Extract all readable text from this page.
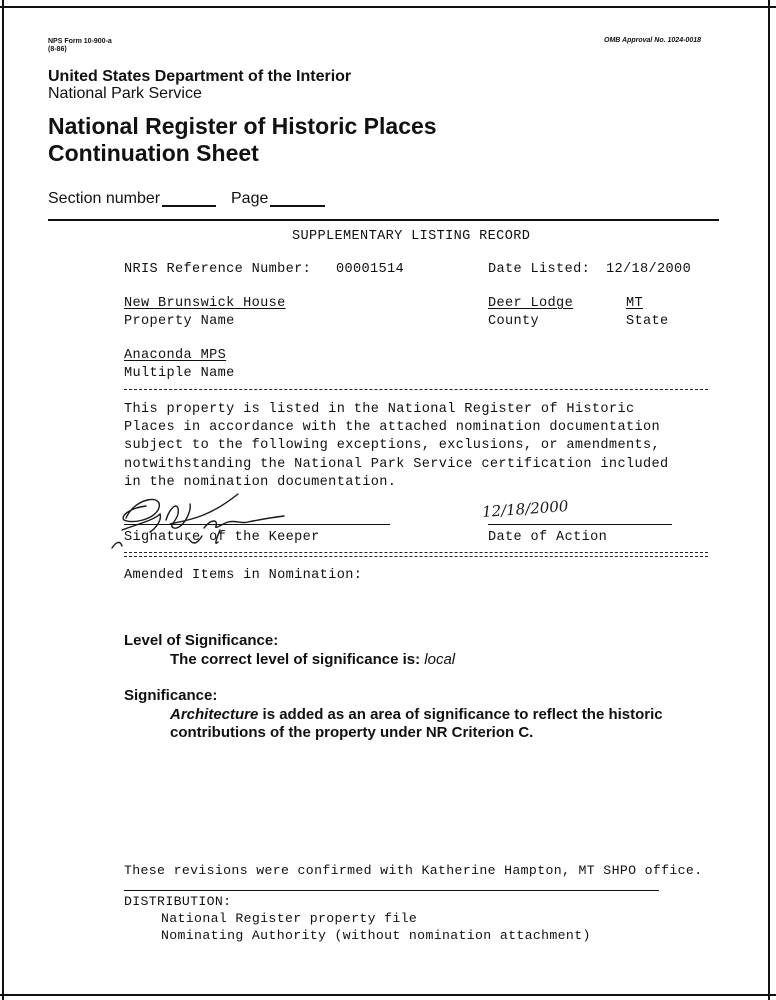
NPS Form 10-900-a
(8-86)
OMB Approval No. 1024-0018
United States Department of the Interior
National Park Service
National Register of Historic Places
Continuation Sheet
Section number	Page
SUPPLEMENTARY LISTING RECORD
NRIS Reference Number: 00001514	Date Listed: 12/18/2000
New Brunswick House
Property Name
Deer Lodge
County
MT
State
Anaconda MPS
Multiple Name
This property is listed in the National Register of Historic
Places in accordance with the attached nomination documentation
subject to the following exceptions, exclusions, or amendments,
notwithstanding the National Park Service certification included
in the nomination documentation.
Signature of the Keeper
12/18/2000
Date of Action
Amended Items in Nomination:
Level of Significance:
The correct level of significance is: local
Significance:
Architecture is added as an area of significance to reflect the historic
contributions of the property under NR Criterion C.
These revisions were confirmed with Katherine Hampton, MT SHPO office.
DISTRIBUTION:
National Register property file
Nominating Authority (without nomination attachment)
